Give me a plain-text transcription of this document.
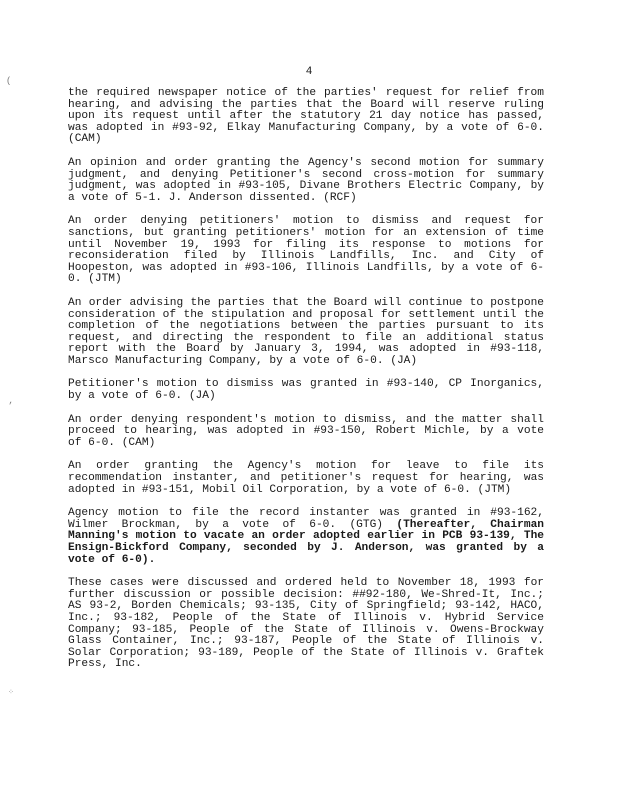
(
‚
⁘
4

the required newspaper notice of the parties' request for relief from hearing, and advising the parties that the Board will reserve ruling upon its request until after the statutory 21 day notice has passed, was adopted in #93-92, Elkay Manufacturing Company, by a vote of 6-0. (CAM)

An opinion and order granting the Agency's second motion for summary judgment, and denying Petitioner's second cross-motion for summary judgment, was adopted in #93-105, Divane Brothers Electric Company, by a vote of 5-1. J. Anderson dissented. (RCF)

An order denying petitioners' motion to dismiss and request for sanctions, but granting petitioners' motion for an extension of time until November 19, 1993 for filing its response to motions for reconsideration filed by Illinois Landfills, Inc. and City of Hoopeston, was adopted in #93-106, Illinois Landfills, by a vote of 6-0. (JTM)

An order advising the parties that the Board will continue to postpone consideration of the stipulation and proposal for settlement until the completion of the negotiations between the parties pursuant to its request, and directing the respondent to file an additional status report with the Board by January 3, 1994, was adopted in #93-118, Marsco Manufacturing Company, by a vote of 6-0. (JA)

Petitioner's motion to dismiss was granted in #93-140, CP Inorganics, by a vote of 6-0. (JA)

An order denying respondent's motion to dismiss, and the matter shall proceed to hearing, was adopted in #93-150, Robert Michle, by a vote of 6-0. (CAM)

An order granting the Agency's motion for leave to file its recommendation instanter, and petitioner's request for hearing, was adopted in #93-151, Mobil Oil Corporation, by a vote of 6-0. (JTM)

Agency motion to file the record instanter was granted in #93-162, Wilmer Brockman, by a vote of 6-0. (GTG) (Thereafter, Chairman Manning's motion to vacate an order adopted earlier in PCB 93-139, The Ensign-Bickford Company, seconded by J. Anderson, was granted by a vote of 6-0).

These cases were discussed and ordered held to November 18, 1993 for further discussion or possible decision: ##92-180, We-Shred-It, Inc.; AS 93-2, Borden Chemicals; 93-135, City of Springfield; 93-142, HACO, Inc.; 93-182, People of the State of Illinois v. Hybrid Service Company; 93-185, People of the State of Illinois v. Owens-Brockway Glass Container, Inc.; 93-187, People of the State of Illinois v. Solar Corporation; 93-189, People of the State of Illinois v. Graftek Press, Inc.
